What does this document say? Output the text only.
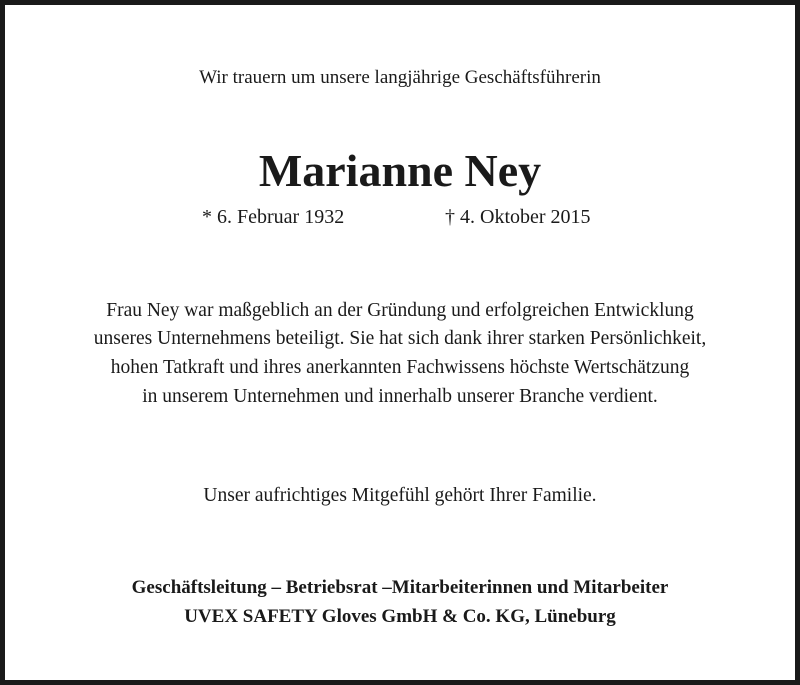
Wir trauern um unsere langjährige Geschäftsführerin
Marianne Ney
* 6. Februar 1932	† 4. Oktober 2015
Frau Ney war maßgeblich an der Gründung und erfolgreichen Entwicklung
unseres Unternehmens beteiligt. Sie hat sich dank ihrer starken Persönlichkeit,
hohen Tatkraft und ihres anerkannten Fachwissens höchste Wertschätzung
in unserem Unternehmen und innerhalb unserer Branche verdient.
Unser aufrichtiges Mitgefühl gehört Ihrer Familie.
Geschäftsleitung – Betriebsrat –Mitarbeiterinnen und Mitarbeiter
UVEX SAFETY Gloves GmbH & Co. KG, Lüneburg
